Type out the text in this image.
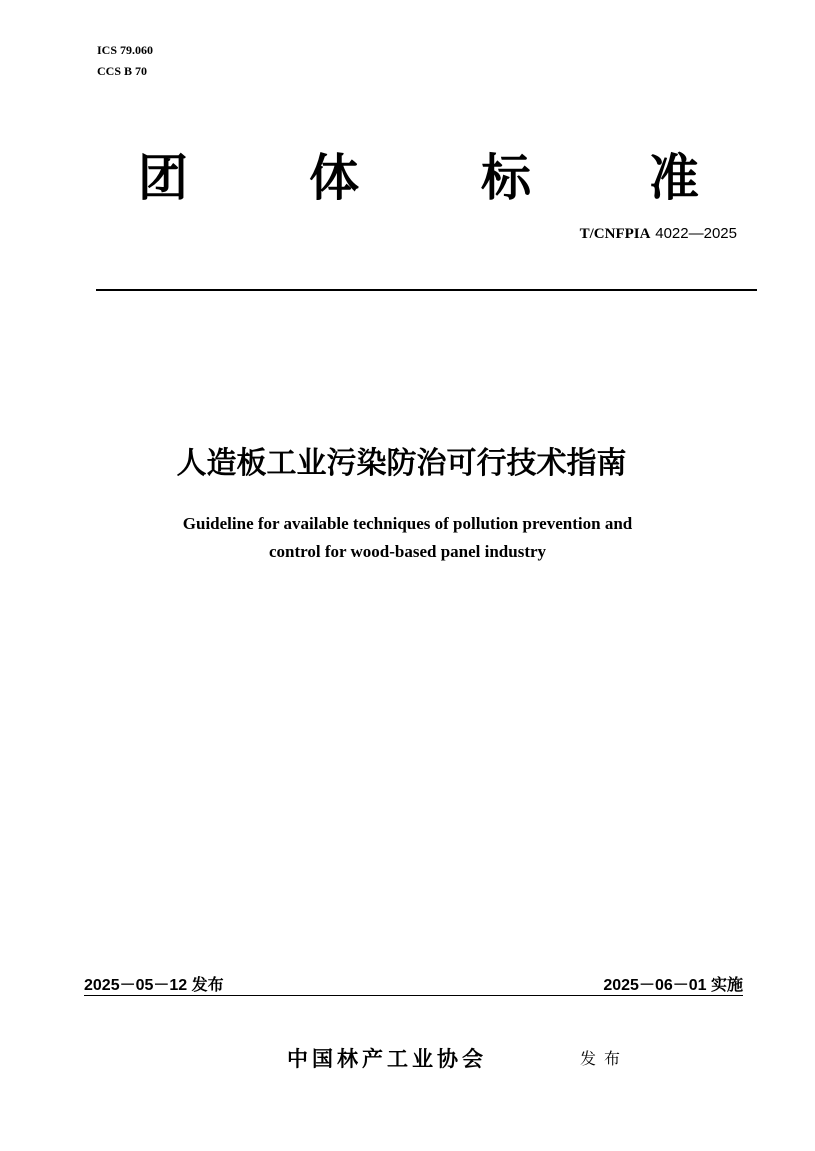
ICS 79.060
CCS B 70
团 体 标 准
T/CNFPIA 4022—2025
人造板工业污染防治可行技术指南
Guideline for available techniques of pollution prevention and
control for wood-based panel industry
2025－05－12 发布	2025－06－01 实施
中国林产工业协会	发布
